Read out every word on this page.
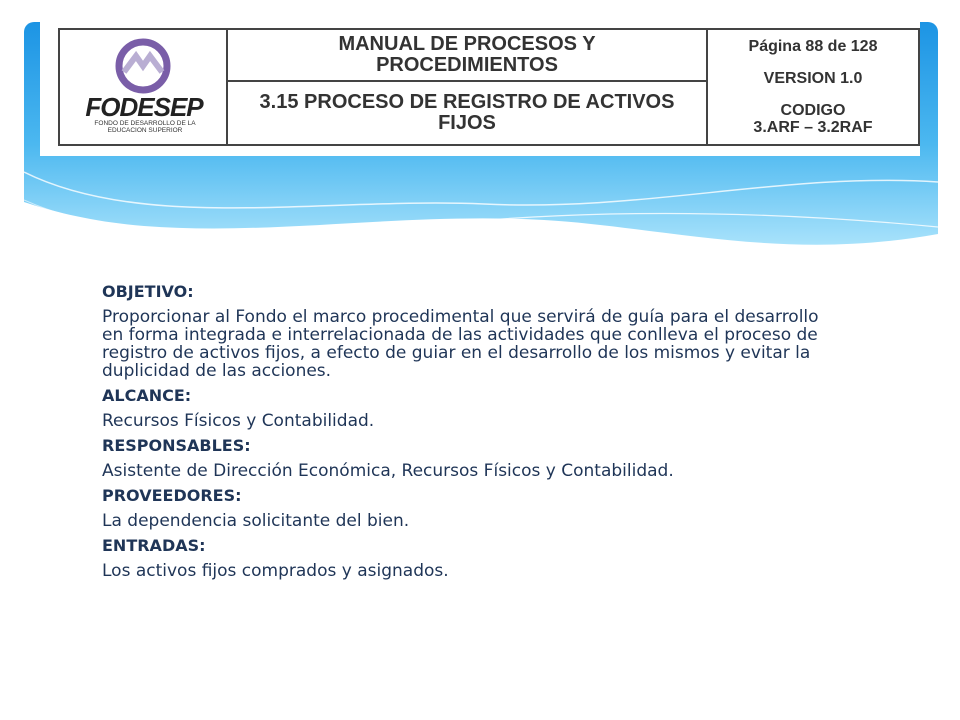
FODESEP
FONDO DE DESARROLLO DE LA EDUCACION SUPERIOR
MANUAL DE PROCESOS Y PROCEDIMIENTOS
3.15 PROCESO DE REGISTRO DE ACTIVOS FIJOS
Página 88 de 128
VERSION 1.0
CODIGO
3.ARF – 3.2RAF
OBJETIVO:
Proporcionar al Fondo el marco procedimental que servirá de guía para el desarrollo en forma integrada e interrelacionada de las actividades que conlleva el proceso de registro de activos fijos, a efecto de guiar en el desarrollo de los mismos y evitar la duplicidad de las acciones.
ALCANCE:
Recursos Físicos y Contabilidad.
RESPONSABLES:
Asistente de Dirección Económica, Recursos Físicos y Contabilidad.
PROVEEDORES:
La dependencia solicitante del bien.
ENTRADAS:
Los activos fijos comprados y asignados.
